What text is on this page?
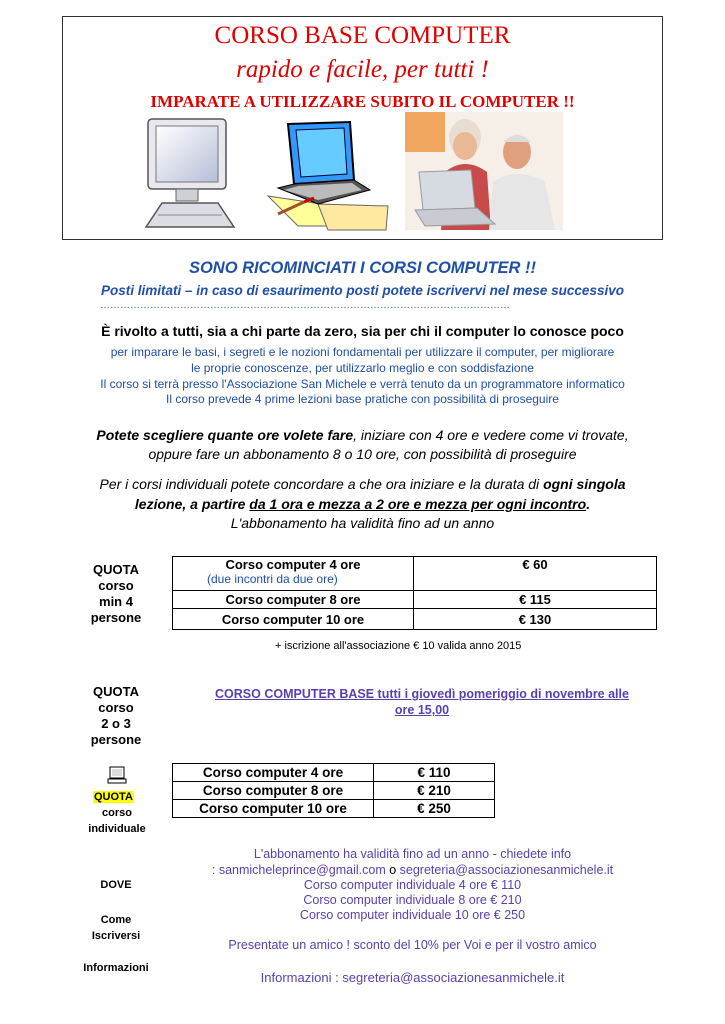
CORSO BASE COMPUTER
rapido e facile, per tutti !
IMPARATE A UTILIZZARE SUBITO IL COMPUTER !!
SONO RICOMINCIATI I CORSI COMPUTER !!
Posti limitati – in caso di esaurimento posti potete iscrivervi nel mese successivo
……………………………………………………………………………………………………………
È rivolto a tutti, sia a chi parte da zero, sia per chi il computer lo conosce poco
per imparare le basi, i segreti e le nozioni fondamentali per utilizzare il computer, per migliorare
le proprie conoscenze, per utilizzarlo meglio e con soddisfazione
Il corso si terrà presso l'Associazione San Michele e verrà tenuto da un programmatore informatico
Il corso prevede 4 prime lezioni base pratiche con possibilità di proseguire
Potete scegliere quante ore volete fare, iniziare con 4 ore e vedere come vi trovate,
oppure fare un abbonamento 8 o 10 ore, con possibilità di proseguire
Per i corsi individuali potete concordare a che ora iniziare e la durata di ogni singola
lezione, a partire da 1 ora e mezza a 2 ore e mezza per ogni incontro.
L'abbonamento ha validità fino ad un anno
QUOTA
corso
min 4
persone
Corso computer 4 ore
(due incontri da due ore)	€ 60
Corso computer 8 ore	€ 115
Corso computer 10 ore	€ 130
+ iscrizione all'associazione € 10 valida anno 2015
QUOTA
corso
2 o 3
persone
CORSO COMPUTER BASE tutti i giovedì pomeriggio di novembre alle
ore 15,00
QUOTA
corso
individuale
Corso computer 4 ore	€ 110
Corso computer 8 ore	€ 210
Corso computer 10 ore	€ 250
DOVE
Come
Iscriversi
Informazioni
L'abbonamento ha validità fino ad un anno - chiedete info
: sanmicheleprince@gmail.com o segreteria@associazionesanmichele.it
Corso computer individuale 4 ore € 110
Corso computer individuale 8 ore € 210
Corso computer individuale 10 ore € 250
Presentate un amico ! sconto del 10% per Voi e per il vostro amico
Informazioni : segreteria@associazionesanmichele.it
